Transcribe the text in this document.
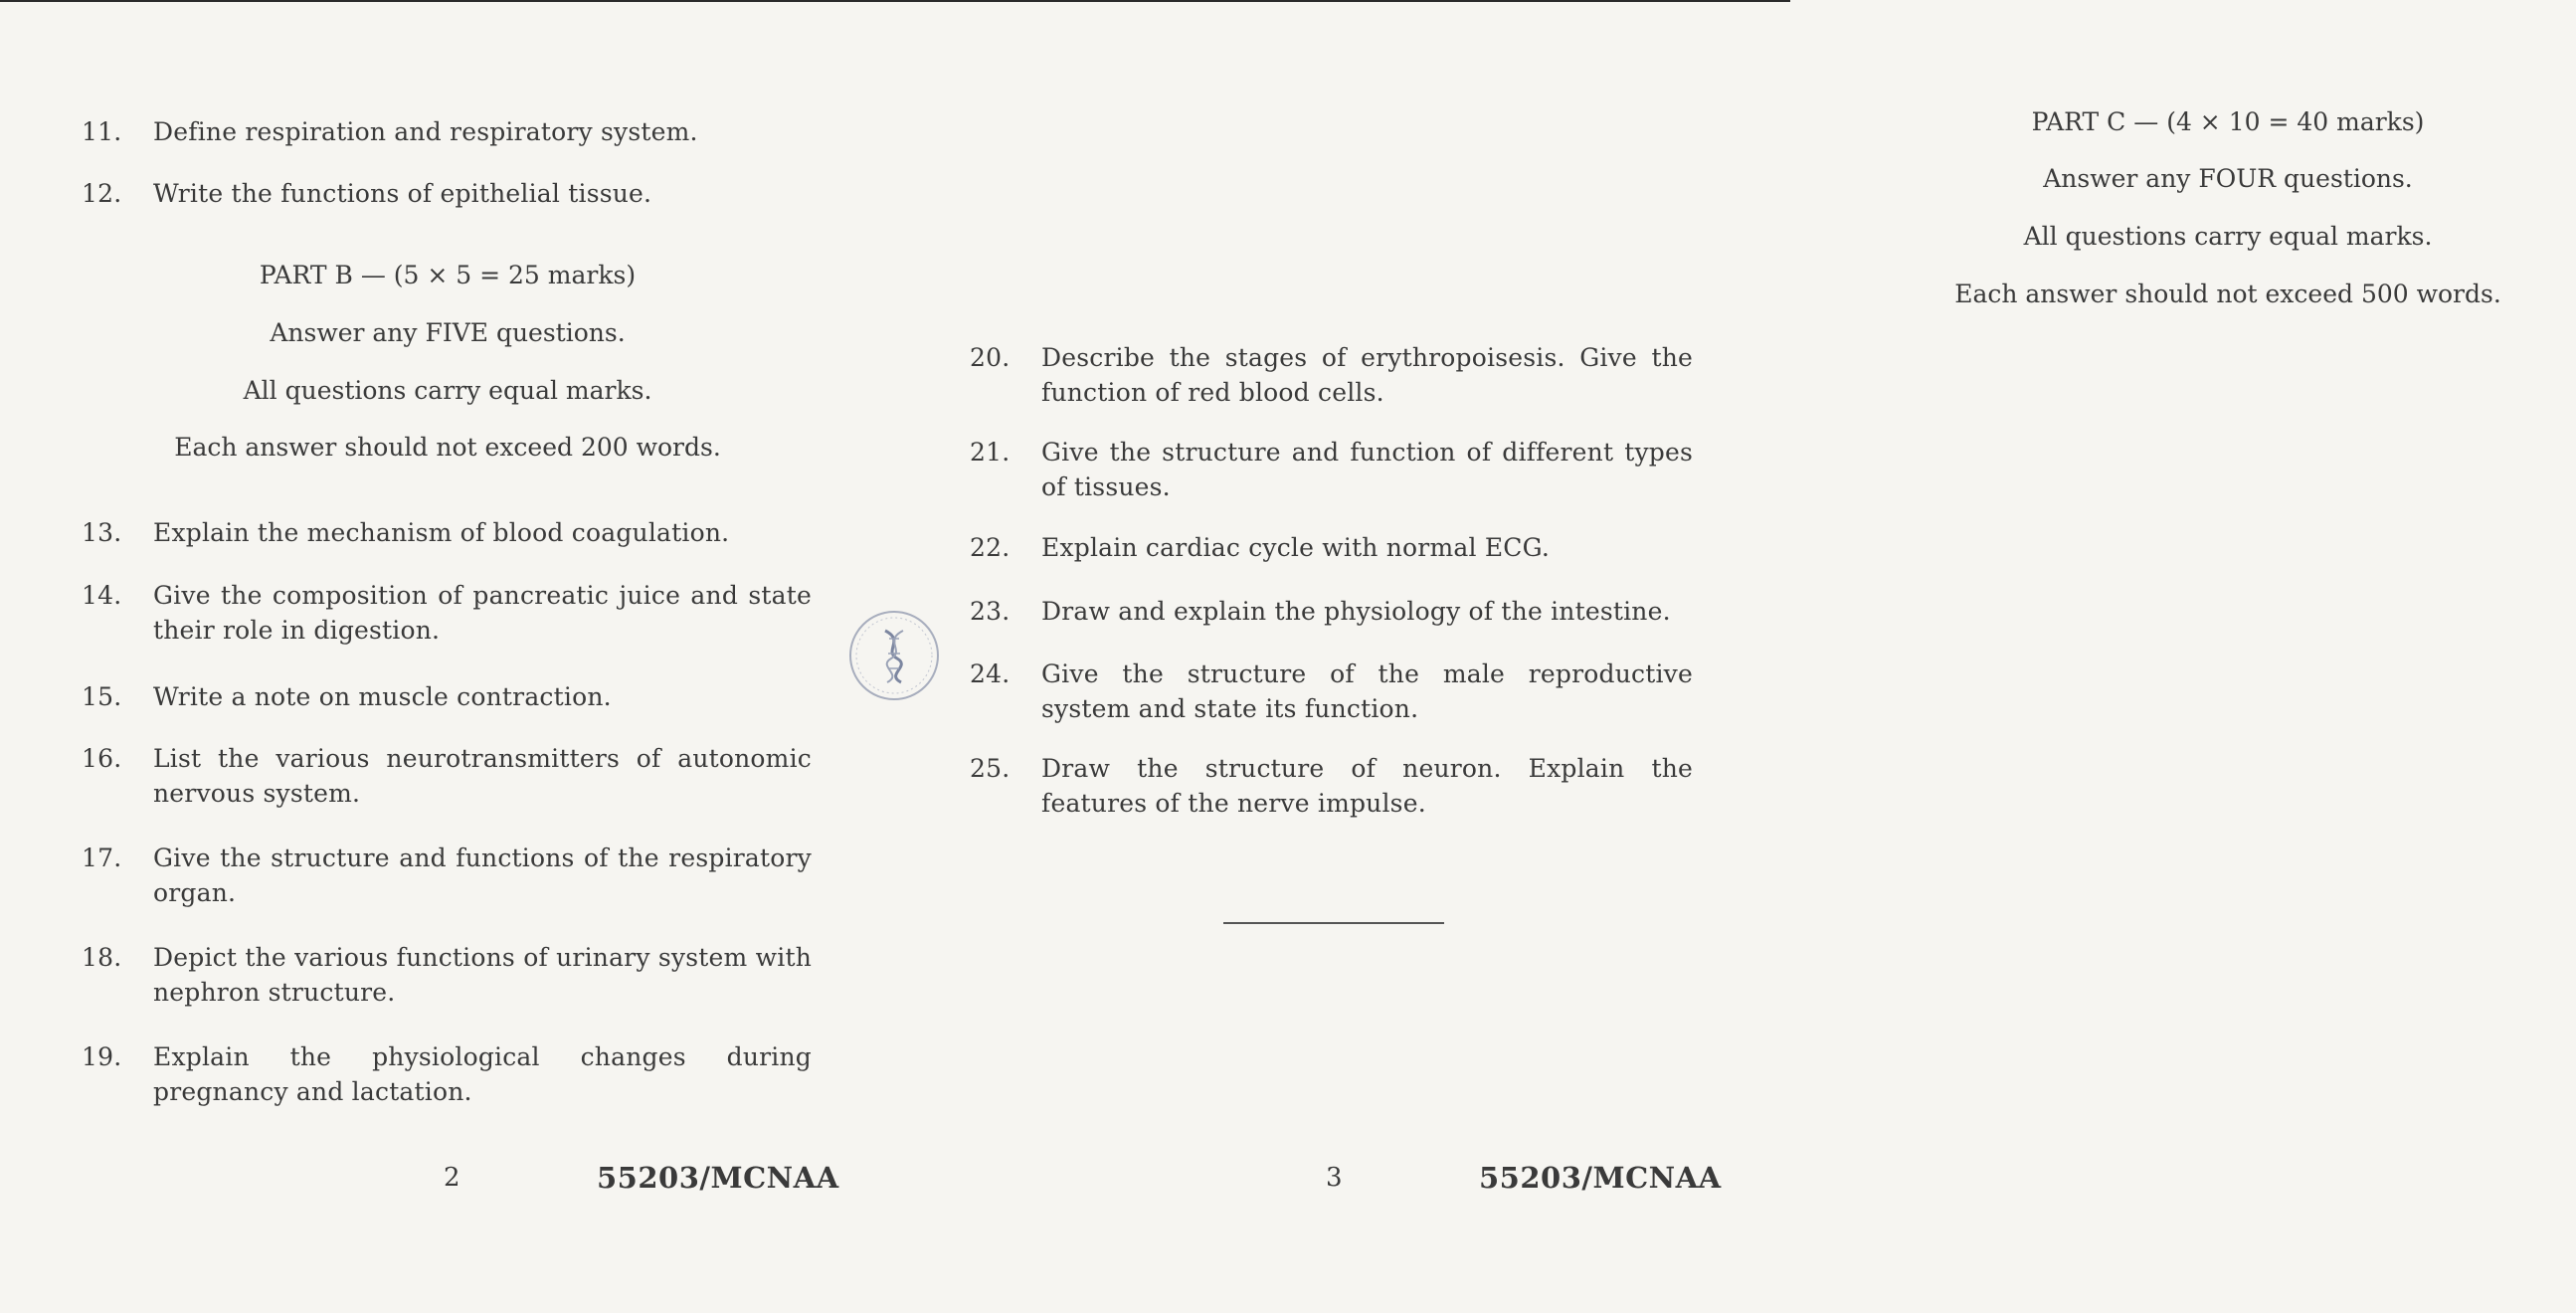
11.	Define respiration and respiratory system.
12.	Write the functions of epithelial tissue.
PART B — (5 × 5 = 25 marks)
Answer any FIVE questions.
All questions carry equal marks.
Each answer should not exceed 200 words.
13.	Explain the mechanism of blood coagulation.
14.	Give the composition of pancreatic juice and state their role in digestion.
15.	Write a note on muscle contraction.
16.	List the various neurotransmitters of autonomic nervous system.
17.	Give the structure and functions of the respiratory organ.
18.	Depict the various functions of urinary system with nephron structure.
19.	Explain the physiological changes during pregnancy and lactation.
2	55203/MCNAA
PART C — (4 × 10 = 40 marks)
Answer any FOUR questions.
All questions carry equal marks.
Each answer should not exceed 500 words.
20.	Describe the stages of erythropoisesis. Give the function of red blood cells.
21.	Give the structure and function of different types of tissues.
22.	Explain cardiac cycle with normal ECG.
23.	Draw and explain the physiology of the intestine.
24.	Give the structure of the male reproductive system and state its function.
25.	Draw the structure of neuron. Explain the features of the nerve impulse.
3	55203/MCNAA
